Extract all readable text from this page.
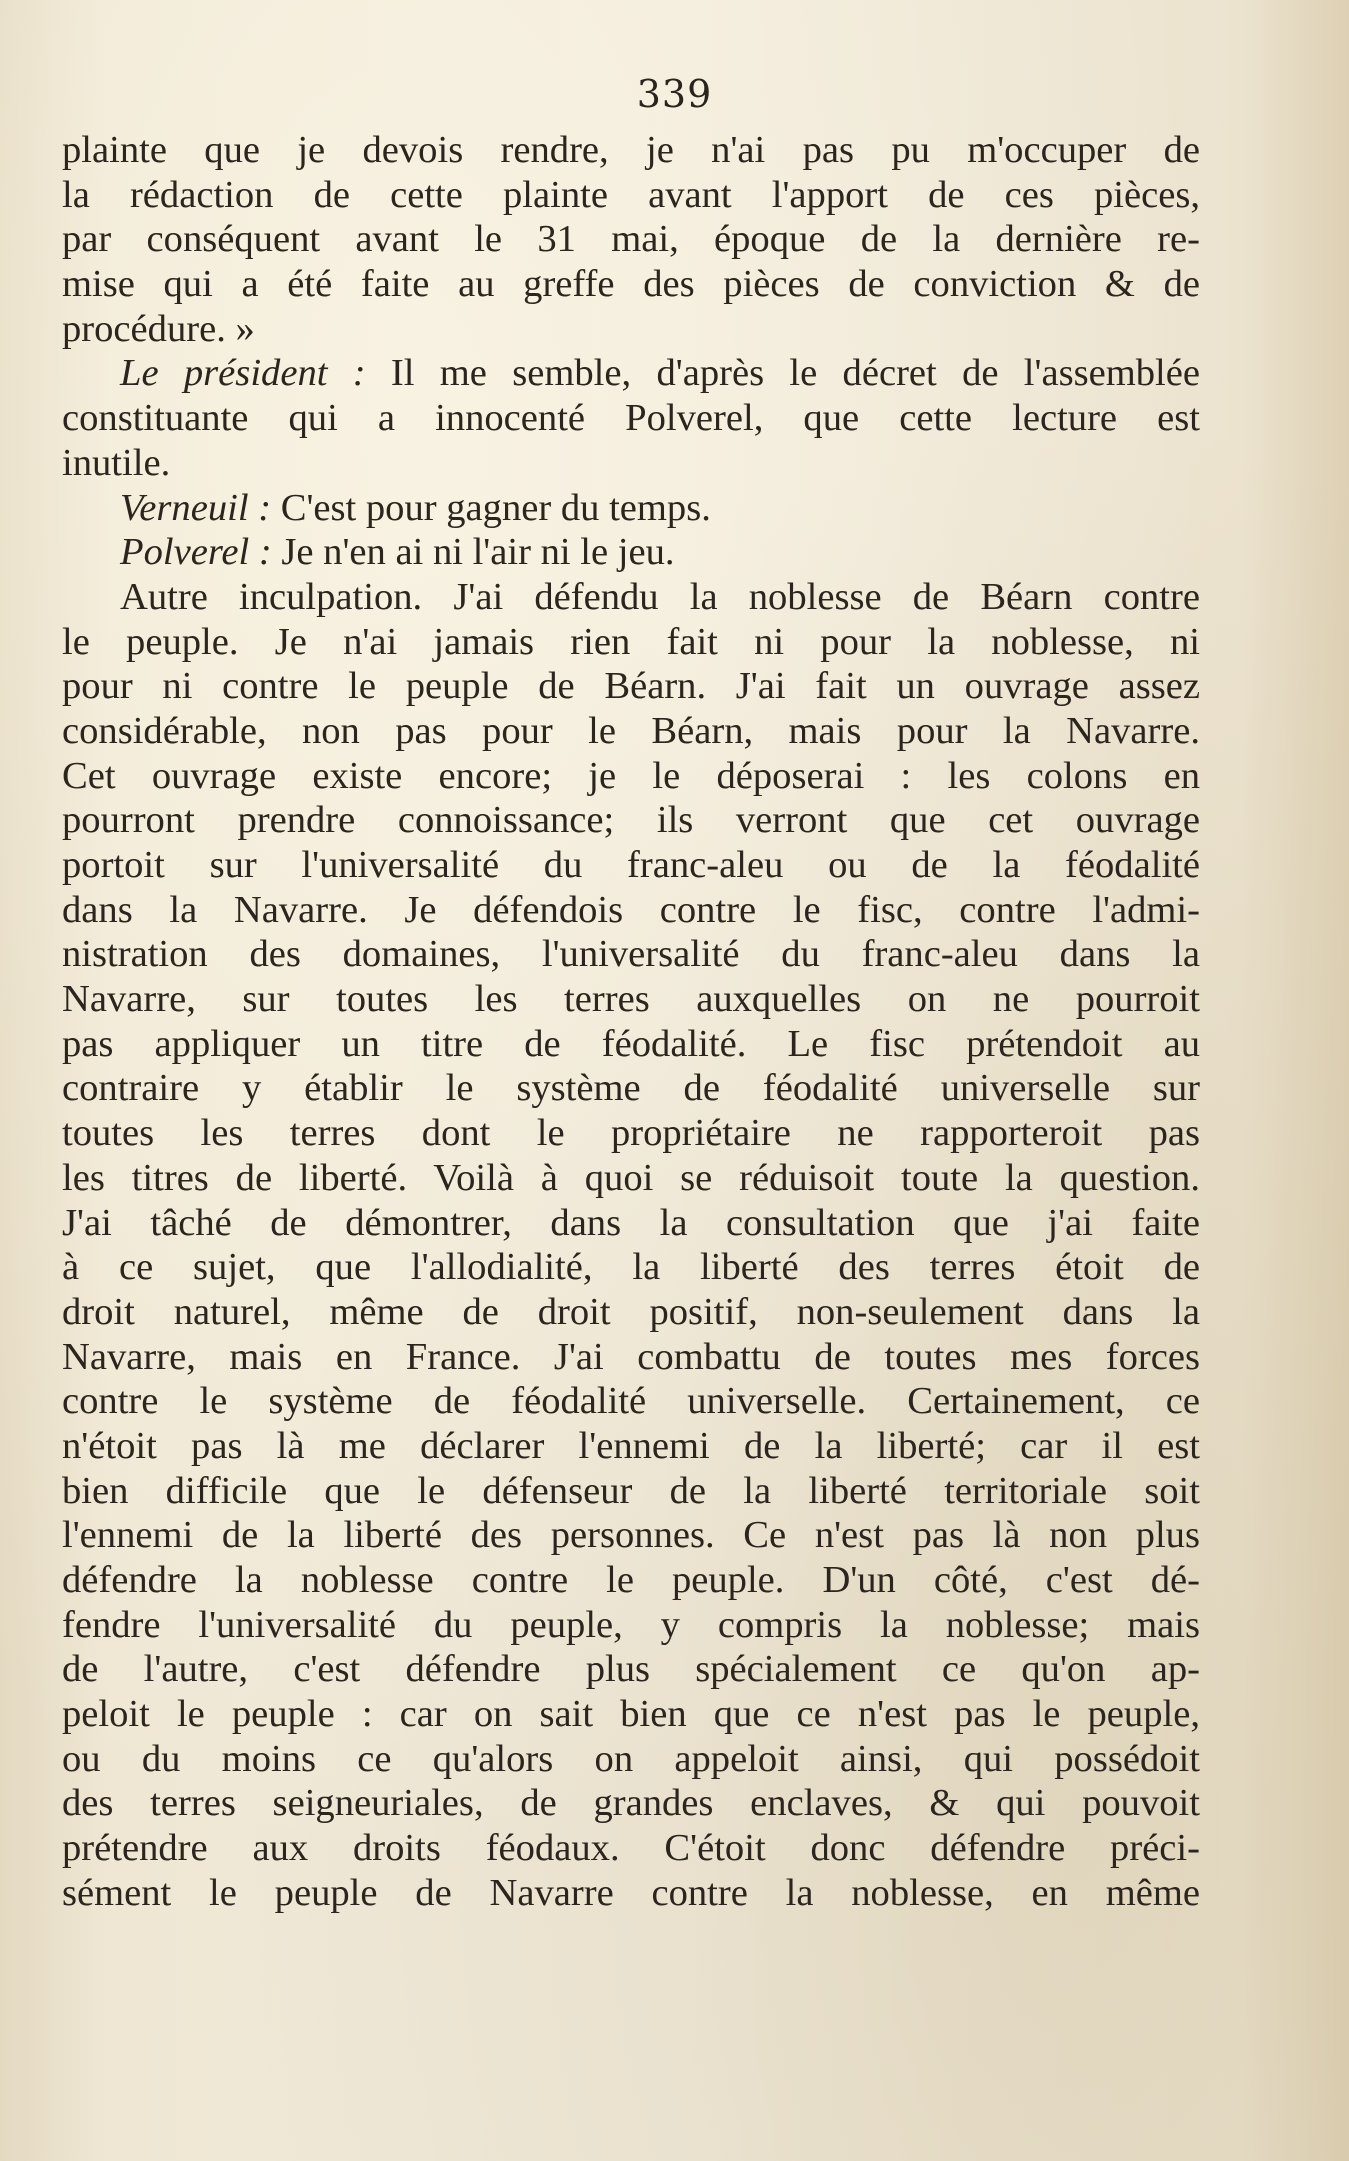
339
plainte que je devois rendre, je n'ai pas pu m'occuper de
la rédaction de cette plainte avant l'apport de ces pièces,
par conséquent avant le 31 mai, époque de la dernière re-
mise qui a été faite au greffe des pièces de conviction & de
procédure. »
Le président : Il me semble, d'après le décret de l'assemblée
constituante qui a innocenté Polverel, que cette lecture est
inutile.
Verneuil : C'est pour gagner du temps.
Polverel : Je n'en ai ni l'air ni le jeu.
Autre inculpation. J'ai défendu la noblesse de Béarn contre
le peuple. Je n'ai jamais rien fait ni pour la noblesse, ni
pour ni contre le peuple de Béarn. J'ai fait un ouvrage assez
considérable, non pas pour le Béarn, mais pour la Navarre.
Cet ouvrage existe encore; je le déposerai : les colons en
pourront prendre connoissance; ils verront que cet ouvrage
portoit sur l'universalité du franc-aleu ou de la féodalité
dans la Navarre. Je défendois contre le fisc, contre l'admi-
nistration des domaines, l'universalité du franc-aleu dans la
Navarre, sur toutes les terres auxquelles on ne pourroit
pas appliquer un titre de féodalité. Le fisc prétendoit au
contraire y établir le système de féodalité universelle sur
toutes les terres dont le propriétaire ne rapporteroit pas
les titres de liberté. Voilà à quoi se réduisoit toute la question.
J'ai tâché de démontrer, dans la consultation que j'ai faite
à ce sujet, que l'allodialité, la liberté des terres étoit de
droit naturel, même de droit positif, non-seulement dans la
Navarre, mais en France. J'ai combattu de toutes mes forces
contre le système de féodalité universelle. Certainement, ce
n'étoit pas là me déclarer l'ennemi de la liberté; car il est
bien difficile que le défenseur de la liberté territoriale soit
l'ennemi de la liberté des personnes. Ce n'est pas là non plus
défendre la noblesse contre le peuple. D'un côté, c'est dé-
fendre l'universalité du peuple, y compris la noblesse; mais
de l'autre, c'est défendre plus spécialement ce qu'on ap-
peloit le peuple : car on sait bien que ce n'est pas le peuple,
ou du moins ce qu'alors on appeloit ainsi, qui possédoit
des terres seigneuriales, de grandes enclaves, & qui pouvoit
prétendre aux droits féodaux. C'étoit donc défendre préci-
sément le peuple de Navarre contre la noblesse, en même
